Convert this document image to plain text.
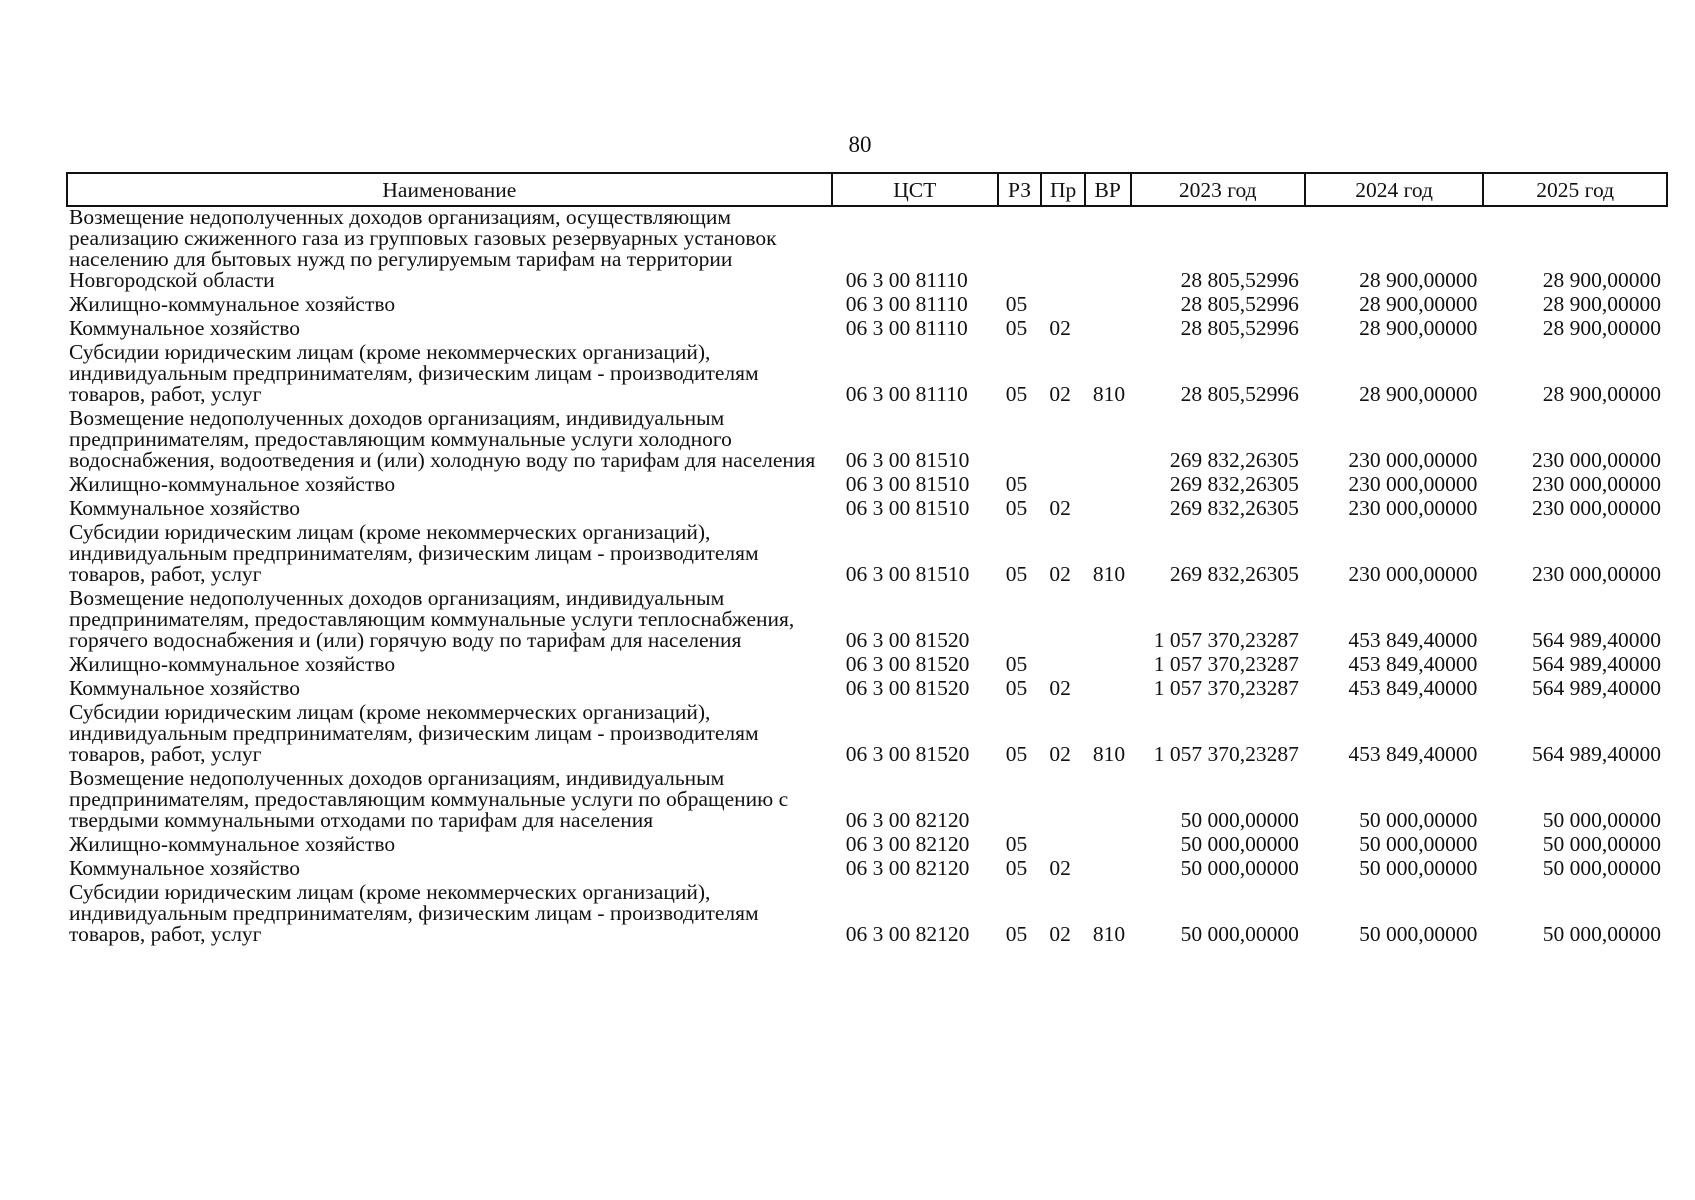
80
Наименование	ЦСТ	РЗ	Пр	ВР	2023 год	2024 год	2025 год
Возмещение недополученных доходов организациям, осуществляющим реализацию сжиженного газа из групповых газовых резервуарных установок населению для бытовых нужд по регулируемым тарифам на территории Новгородской области	06 3 00 81110				28 805,52996	28 900,00000	28 900,00000
Жилищно-коммунальное хозяйство	06 3 00 81110	05			28 805,52996	28 900,00000	28 900,00000
Коммунальное хозяйство	06 3 00 81110	05	02		28 805,52996	28 900,00000	28 900,00000
Субсидии юридическим лицам (кроме некоммерческих организаций), индивидуальным предпринимателям, физическим лицам - производителям товаров, работ, услуг	06 3 00 81110	05	02	810	28 805,52996	28 900,00000	28 900,00000
Возмещение недополученных доходов организациям, индивидуальным предпринимателям, предоставляющим коммунальные услуги холодного водоснабжения, водоотведения и (или) холодную воду по тарифам для населения	06 3 00 81510				269 832,26305	230 000,00000	230 000,00000
Жилищно-коммунальное хозяйство	06 3 00 81510	05			269 832,26305	230 000,00000	230 000,00000
Коммунальное хозяйство	06 3 00 81510	05	02		269 832,26305	230 000,00000	230 000,00000
Субсидии юридическим лицам (кроме некоммерческих организаций), индивидуальным предпринимателям, физическим лицам - производителям товаров, работ, услуг	06 3 00 81510	05	02	810	269 832,26305	230 000,00000	230 000,00000
Возмещение недополученных доходов организациям, индивидуальным предпринимателям, предоставляющим коммунальные услуги теплоснабжения, горячего водоснабжения и (или) горячую воду по тарифам для населения	06 3 00 81520				1 057 370,23287	453 849,40000	564 989,40000
Жилищно-коммунальное хозяйство	06 3 00 81520	05			1 057 370,23287	453 849,40000	564 989,40000
Коммунальное хозяйство	06 3 00 81520	05	02		1 057 370,23287	453 849,40000	564 989,40000
Субсидии юридическим лицам (кроме некоммерческих организаций), индивидуальным предпринимателям, физическим лицам - производителям товаров, работ, услуг	06 3 00 81520	05	02	810	1 057 370,23287	453 849,40000	564 989,40000
Возмещение недополученных доходов организациям, индивидуальным предпринимателям, предоставляющим коммунальные услуги по обращению с твердыми коммунальными отходами по тарифам для населения	06 3 00 82120				50 000,00000	50 000,00000	50 000,00000
Жилищно-коммунальное хозяйство	06 3 00 82120	05			50 000,00000	50 000,00000	50 000,00000
Коммунальное хозяйство	06 3 00 82120	05	02		50 000,00000	50 000,00000	50 000,00000
Субсидии юридическим лицам (кроме некоммерческих организаций), индивидуальным предпринимателям, физическим лицам - производителям товаров, работ, услуг	06 3 00 82120	05	02	810	50 000,00000	50 000,00000	50 000,00000
